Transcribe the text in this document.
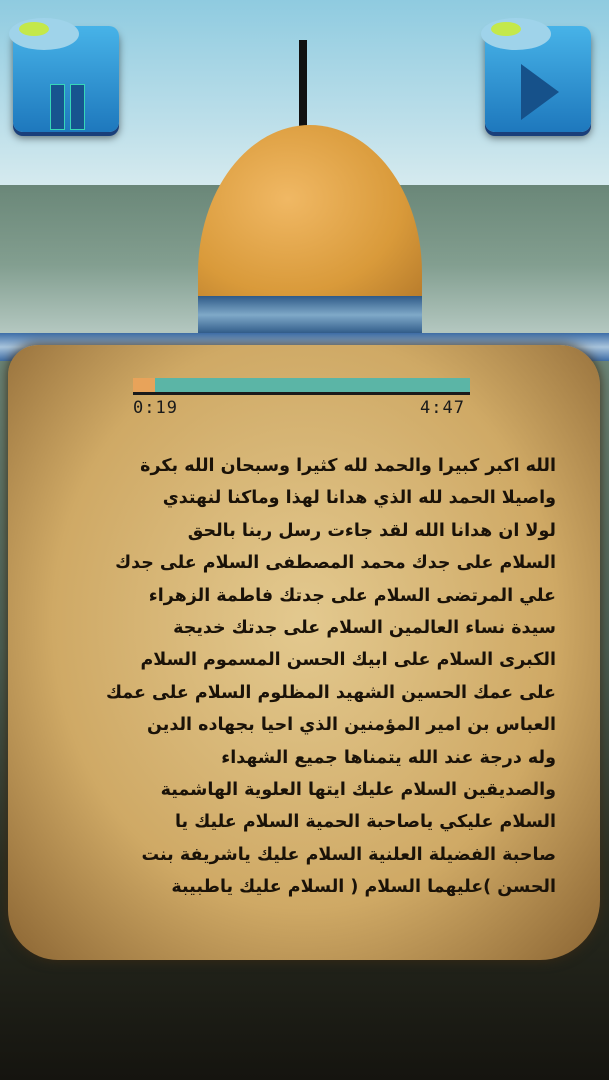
0:19	4:47
الله اكبر كبيرا والحمد لله كثيرا وسبحان الله بكرة
واصيلا الحمد لله الذي هدانا لهذا وماكنا لنهتدي
لولا ان هدانا الله لقد جاءت رسل ربنا بالحق
السلام على جدك محمد المصطفى السلام على جدك
علي المرتضى السلام على جدتك فاطمة الزهراء
سيدة نساء العالمين السلام على جدتك خديجة
الكبرى السلام على ابيك الحسن المسموم السلام
على عمك الحسين الشهيد المظلوم السلام على عمك
العباس بن امير المؤمنين الذي احيا بجهاده الدين
وله درجة عند الله يتمناها جميع الشهداء
والصديقين السلام عليك ايتها العلوية الهاشمية
السلام عليكي ياصاحبة الحمية السلام عليك يا
صاحبة الفضيلة العلنية السلام عليك ياشريفة بنت
الحسن )عليهما السلام ( السلام عليك ياطبيبة
